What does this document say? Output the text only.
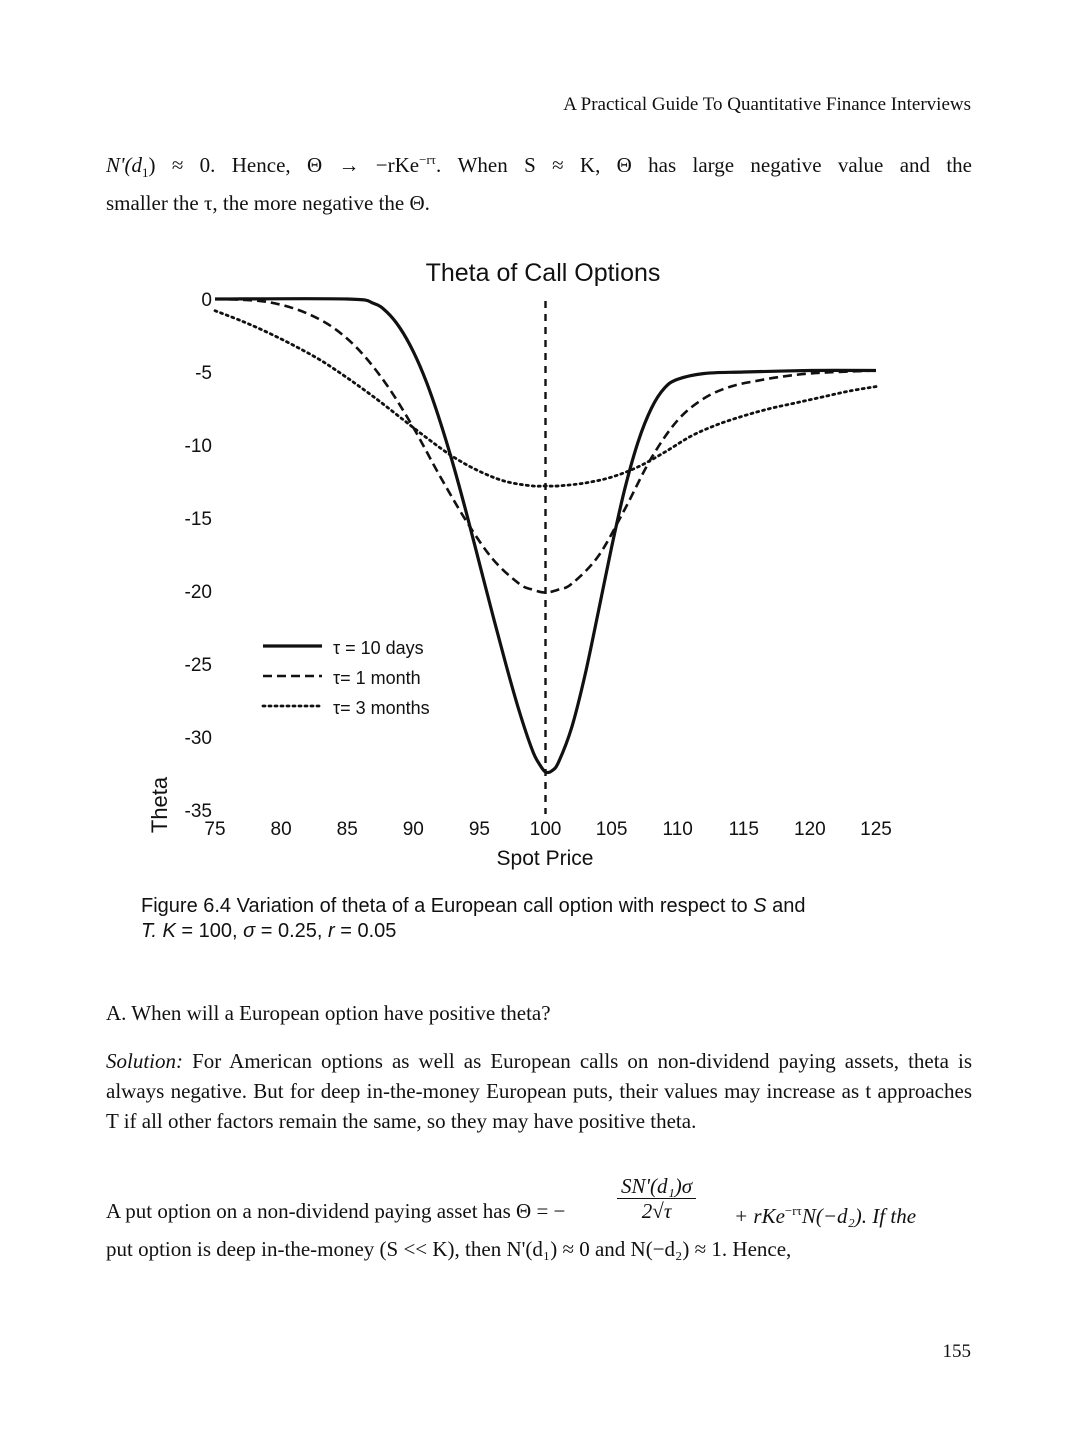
A Practical Guide To Quantitative Finance Interviews
$N'(d_1) \approx 0$. Hence, Θ → −rKe$^{-r\tau}$. When S ≈ K, Θ has large negative value and the
smaller the τ, the more negative the Θ.
Theta of Call Options
0
-5
-10
-15
-20
-25
-30
-35
75 80 85 90 95 100 105 110 115 120 125
Theta
Spot Price
τ = 10 days
τ= 1 month
τ= 3 months
Figure 6.4 Variation of theta of a European call option with respect to S and
T. K = 100, σ = 0.25, r = 0.05
A. When will a European option have positive theta?
Solution: For American options as well as European calls on non-dividend paying assets, theta is always negative. But for deep in-the-money European puts, their values may increase as t approaches T if all other factors remain the same, so they may have positive theta.
A put option on a non-dividend paying asset has Θ = − $\frac{\text{SN'(d₁)σ}}{2√\tau} + rKe^{-r\tau}N(-d_2)$. If the
put option is deep in-the-money (S << K), then N'(d₁) ≈ 0 and N(−d₂) ≈ 1. Hence,
155
